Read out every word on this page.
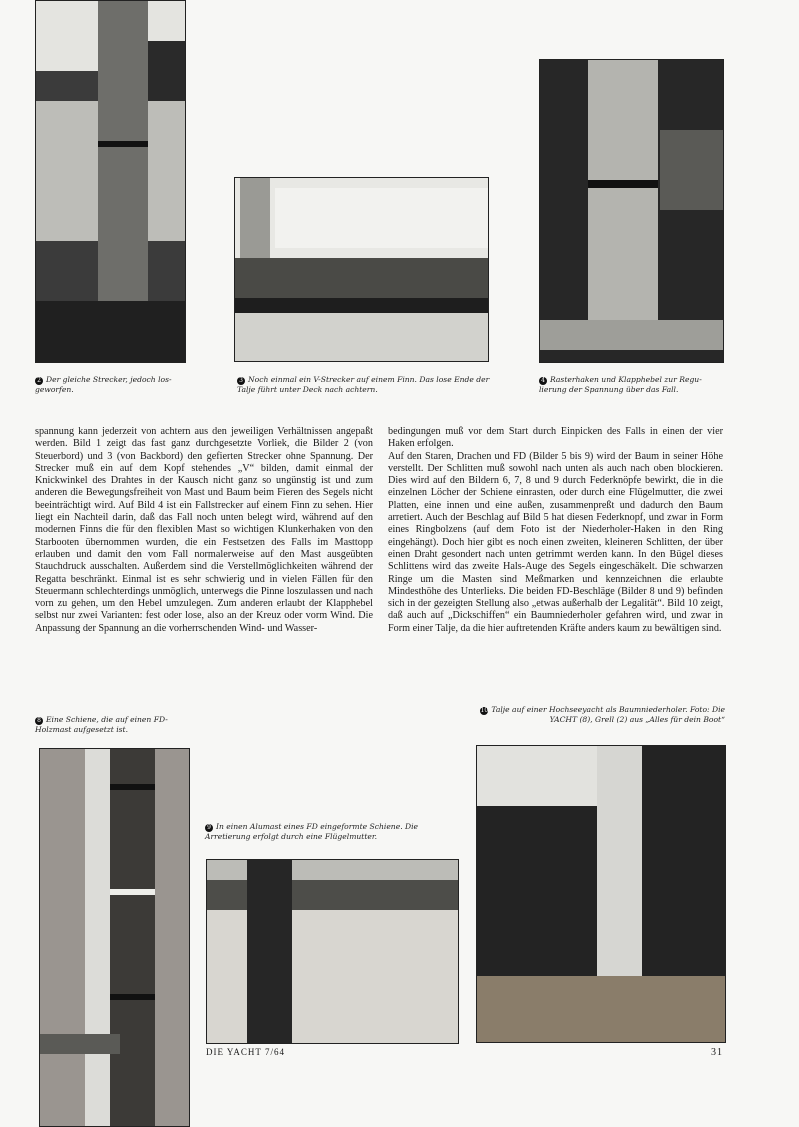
2 Der gleiche Strecker, jedoch los-geworfen.
3 Noch einmal ein V-Strecker auf einem Finn. Das lose Ende der Talje führt unter Deck nach achtern.
4 Rasterhaken und Klapphebel zur Regu-lierung der Spannung über das Fall.

spannung kann jederzeit von achtern aus den jeweiligen Verhältnissen angepaßt werden. Bild 1 zeigt das fast ganz durchgesetzte Vorliek, die Bilder 2 (von Steuerbord) und 3 (von Backbord) den gefierten Strecker ohne Spannung. Der Strecker muß ein auf dem Kopf stehendes „V“ bilden, damit einmal der Knickwinkel des Drahtes in der Kausch nicht ganz so ungünstig ist und zum anderen die Bewegungsfreiheit von Mast und Baum beim Fieren des Segels nicht beeinträchtigt wird. Auf Bild 4 ist ein Fallstrecker auf einem Finn zu sehen. Hier liegt ein Nachteil darin, daß das Fall noch unten belegt wird, während auf den modernen Finns die für den flexiblen Mast so wichtigen Klunkerhaken von den Starbooten übernommen wurden, die ein Festsetzen des Falls im Masttopp erlauben und damit den vom Fall normalerweise auf den Mast ausgeübten Stauchdruck ausschalten. Außerdem sind die Verstellmöglichkeiten während der Regatta beschränkt. Einmal ist es sehr schwierig und in vielen Fällen für den Steuermann schlechterdings unmöglich, unterwegs die Pinne loszulassen und nach vorn zu gehen, um den Hebel umzulegen. Zum anderen erlaubt der Klapphebel selbst nur zwei Varianten: fest oder lose, also an der Kreuz oder vorm Wind. Die Anpassung der Spannung an die vorherrschenden Wind- und Wasser-

bedingungen muß vor dem Start durch Einpicken des Falls in einen der vier Haken erfolgen.

Auf den Staren, Drachen und FD (Bilder 5 bis 9) wird der Baum in seiner Höhe verstellt. Der Schlitten muß sowohl nach unten als auch nach oben blockieren. Dies wird auf den Bildern 6, 7, 8 und 9 durch Federknöpfe bewirkt, die in die einzelnen Löcher der Schiene einrasten, oder durch eine Flügelmutter, die zwei Platten, eine innen und eine außen, zusammenpreßt und dadurch den Baum arretiert. Auch der Beschlag auf Bild 5 hat diesen Federknopf, und zwar in Form eines Ringbolzens (auf dem Foto ist der Niederholer-Haken in den Ring eingehängt). Doch hier gibt es noch einen zweiten, kleineren Schlitten, der über einen Draht gesondert nach unten getrimmt werden kann. In den Bügel dieses Schlittens wird das zweite Hals-Auge des Segels eingeschäkelt. Die schwarzen Ringe um die Masten sind Meßmarken und kennzeichnen die erlaubte Mindesthöhe des Unterlieks. Die beiden FD-Beschläge (Bilder 8 und 9) befinden sich in der gezeigten Stellung also „etwas außerhalb der Legalität“. Bild 10 zeigt, daß auch auf „Dickschiffen“ ein Baumniederholer gefahren wird, und zwar in Form einer Talje, da die hier auftretenden Kräfte anders kaum zu bewältigen sind.

8 Eine Schiene, die auf einen FD-Holzmast aufgesetzt ist.
10 Talje auf einer Hochseeyacht als Baumniederholer. Foto: Die YACHT (8), Grell (2) aus „Alles für dein Boot“
9 In einen Alumast eines FD eingeformte Schiene. Die Arretierung erfolgt durch eine Flügelmutter.
DIE YACHT 7/64	31
